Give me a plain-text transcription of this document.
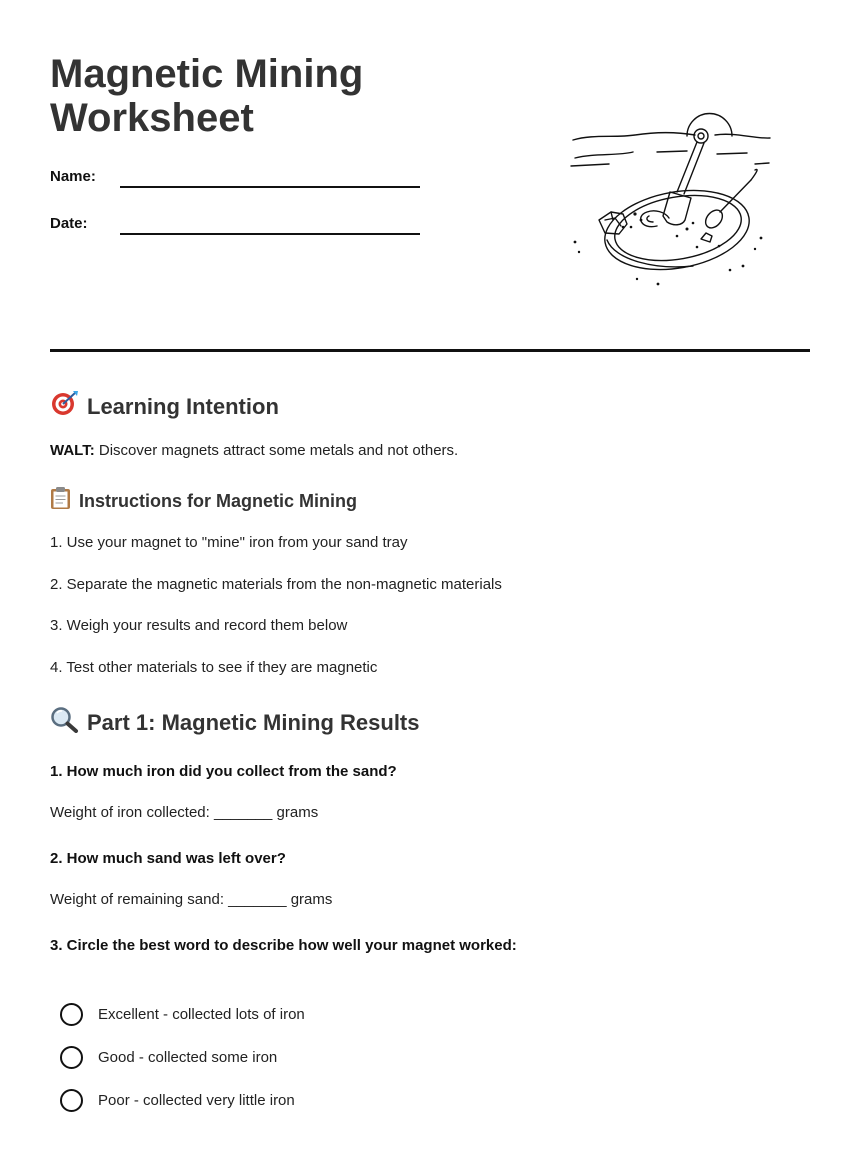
Magnetic Mining
Worksheet
Name:
Date:
Learning Intention

WALT: Discover magnets attract some metals and not others.

Instructions for Magnetic Mining

1. Use your magnet to "mine" iron from your sand tray

2. Separate the magnetic materials from the non-magnetic materials

3. Weigh your results and record them below

4. Test other materials to see if they are magnetic

Part 1: Magnetic Mining Results

1. How much iron did you collect from the sand?

Weight of iron collected: _______ grams

2. How much sand was left over?

Weight of remaining sand: _______ grams

3. Circle the best word to describe how well your magnet worked:

Excellent - collected lots of iron
Good - collected some iron
Poor - collected very little iron
